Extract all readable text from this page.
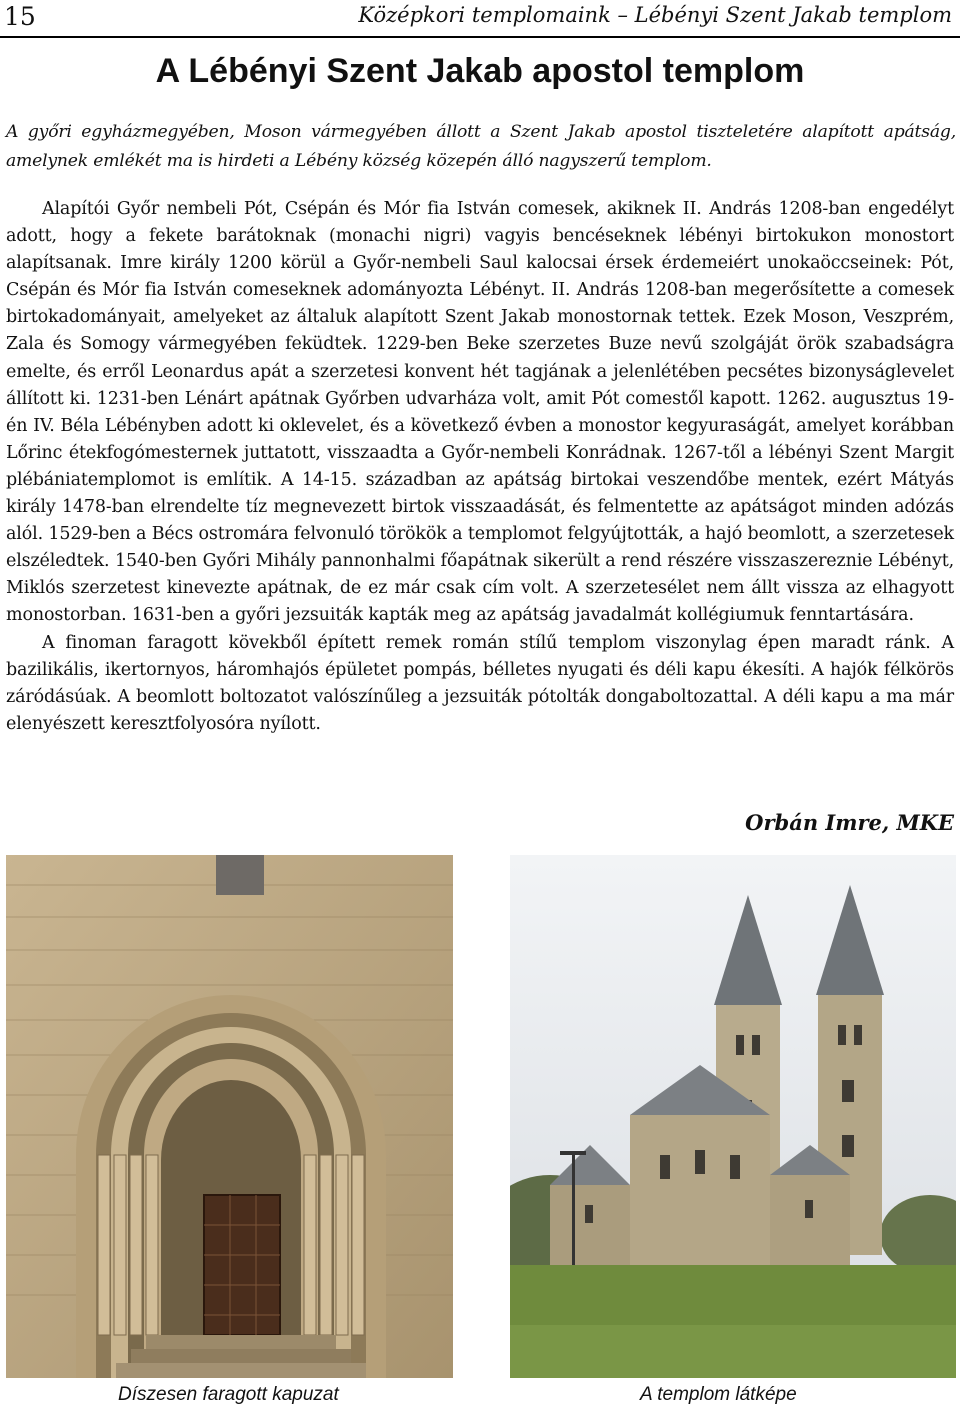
15	Középkori templomaink – Lébényi Szent Jakab templom
A Lébényi Szent Jakab apostol templom

A győri egyházmegyében, Moson vármegyében állott a Szent Jakab apostol tiszteletére alapított apátság, amelynek emlékét ma is hirdeti a Lébény község közepén álló nagyszerű templom.

Alapítói Győr nembeli Pót, Csépán és Mór fia István comesek, akiknek II. András 1208-ban engedélyt adott, hogy a fekete barátoknak (monachi nigri) vagyis bencéseknek lébényi birtokukon monostort alapítsanak. Imre király 1200 körül a Győr-nembeli Saul kalocsai érsek érdemeiért unokaöccseinek: Pót, Csépán és Mór fia István comeseknek adományozta Lébényt. II. András 1208-ban megerősítette a comesek birtokadományait, amelyeket az általuk alapított Szent Jakab monostornak tettek. Ezek Moson, Veszprém, Zala és Somogy vármegyében feküdtek. 1229-ben Beke szerzetes Buze nevű szolgáját örök szabadságra emelte, és erről Leonardus apát a szerzetesi konvent hét tagjának a jelenlétében pecsétes bizonyságlevelet állított ki. 1231-ben Lénárt apátnak Győrben udvarháza volt, amit Pót comestől kapott. 1262. augusztus 19-én IV. Béla Lébényben adott ki oklevelet, és a következő évben a monostor kegyuraságát, amelyet korábban Lőrinc étekfogómesternek juttatott, visszaadta a Győr-nembeli Konrádnak. 1267-től a lébényi Szent Margit plébániatemplomot is említik. A 14-15. században az apátság birtokai veszendőbe mentek, ezért Mátyás király 1478-ban elrendelte tíz megnevezett birtok visszaadását, és felmentette az apátságot minden adózás alól. 1529-ben a Bécs ostromára felvonuló törökök a templomot felgyújtották, a hajó beomlott, a szerzetesek elszéledtek. 1540-ben Győri Mihály pannonhalmi főapátnak sikerült a rend részére visszaszereznie Lébényt, Miklós szerzetest kinevezte apátnak, de ez már csak cím volt. A szerzetesélet nem állt vissza az elhagyott monostorban. 1631-ben a győri jezsuiták kapták meg az apátság javadalmát kollégiumuk fenntartására.

A finoman faragott kövekből épített remek román stílű templom viszonylag épen maradt ránk. A bazilikális, ikertornyos, háromhajós épületet pompás, bélletes nyugati és déli kapu ékesíti. A hajók félkörös záródásúak. A beomlott boltozatot valószínűleg a jezsuiták pótolták dongaboltozattal. A déli kapu a ma már elenyészett keresztfolyosóra nyílott.

Orbán Imre, MKE
Díszesen faragott kapuzat	A templom látképe
